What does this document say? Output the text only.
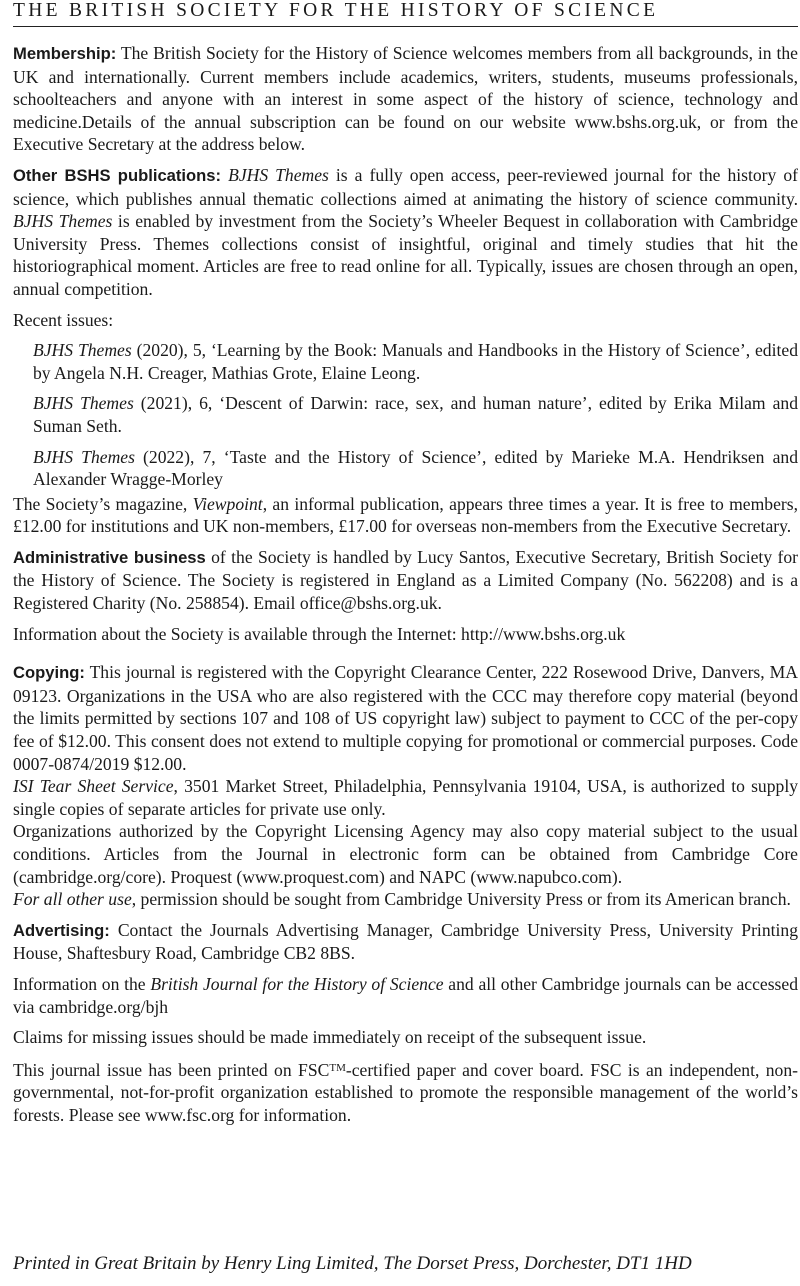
THE BRITISH SOCIETY FOR THE HISTORY OF SCIENCE

Membership: The British Society for the History of Science welcomes members from all backgrounds, in the UK and internationally. Current members include academics, writers, students, museums professionals, schoolteachers and anyone with an interest in some aspect of the history of science, technology and medicine.Details of the annual subscription can be found on our website www.bshs.org.uk, or from the Executive Secretary at the address below.

Other BSHS publications: BJHS Themes is a fully open access, peer-reviewed journal for the history of science, which publishes annual thematic collections aimed at animating the history of science community. BJHS Themes is enabled by investment from the Society’s Wheeler Bequest in collaboration with Cambridge University Press. Themes collections consist of insightful, original and timely studies that hit the historiographical moment. Articles are free to read online for all. Typically, issues are chosen through an open, annual competition.

Recent issues:

BJHS Themes (2020), 5, ‘Learning by the Book: Manuals and Handbooks in the History of Science’, edited by Angela N.H. Creager, Mathias Grote, Elaine Leong.

BJHS Themes (2021), 6, ‘Descent of Darwin: race, sex, and human nature’, edited by Erika Milam and Suman Seth.

BJHS Themes (2022), 7, ‘Taste and the History of Science’, edited by Marieke M.A. Hendriksen and Alexander Wragge-Morley

The Society’s magazine, Viewpoint, an informal publication, appears three times a year. It is free to members, £12.00 for institutions and UK non-members, £17.00 for overseas non-members from the Executive Secretary.

Administrative business of the Society is handled by Lucy Santos, Executive Secretary, British Society for the History of Science. The Society is registered in England as a Limited Company (No. 562208) and is a Registered Charity (No. 258854). Email office@bshs.org.uk.

Information about the Society is available through the Internet: http://www.bshs.org.uk

Copying: This journal is registered with the Copyright Clearance Center, 222 Rosewood Drive, Danvers, MA 09123. Organizations in the USA who are also registered with the CCC may therefore copy material (beyond the limits permitted by sections 107 and 108 of US copyright law) subject to payment to CCC of the per-copy fee of $12.00. This consent does not extend to multiple copying for promotional or commercial purposes. Code 0007-0874/2019 $12.00.

ISI Tear Sheet Service, 3501 Market Street, Philadelphia, Pennsylvania 19104, USA, is authorized to supply single copies of separate articles for private use only.

Organizations authorized by the Copyright Licensing Agency may also copy material subject to the usual conditions. Articles from the Journal in electronic form can be obtained from Cambridge Core (cambridge.org/core). Proquest (www.proquest.com) and NAPC (www.napubco.com).

For all other use, permission should be sought from Cambridge University Press or from its American branch.

Advertising: Contact the Journals Advertising Manager, Cambridge University Press, University Printing House, Shaftesbury Road, Cambridge CB2 8BS.

Information on the British Journal for the History of Science and all other Cambridge journals can be accessed via cambridge.org/bjh

Claims for missing issues should be made immediately on receipt of the subsequent issue.

This journal issue has been printed on FSC™-certified paper and cover board. FSC is an independent, non-governmental, not-for-profit organization established to promote the responsible management of the world’s forests. Please see www.fsc.org for information.

Printed in Great Britain by Henry Ling Limited, The Dorset Press, Dorchester, DT1 1HD
